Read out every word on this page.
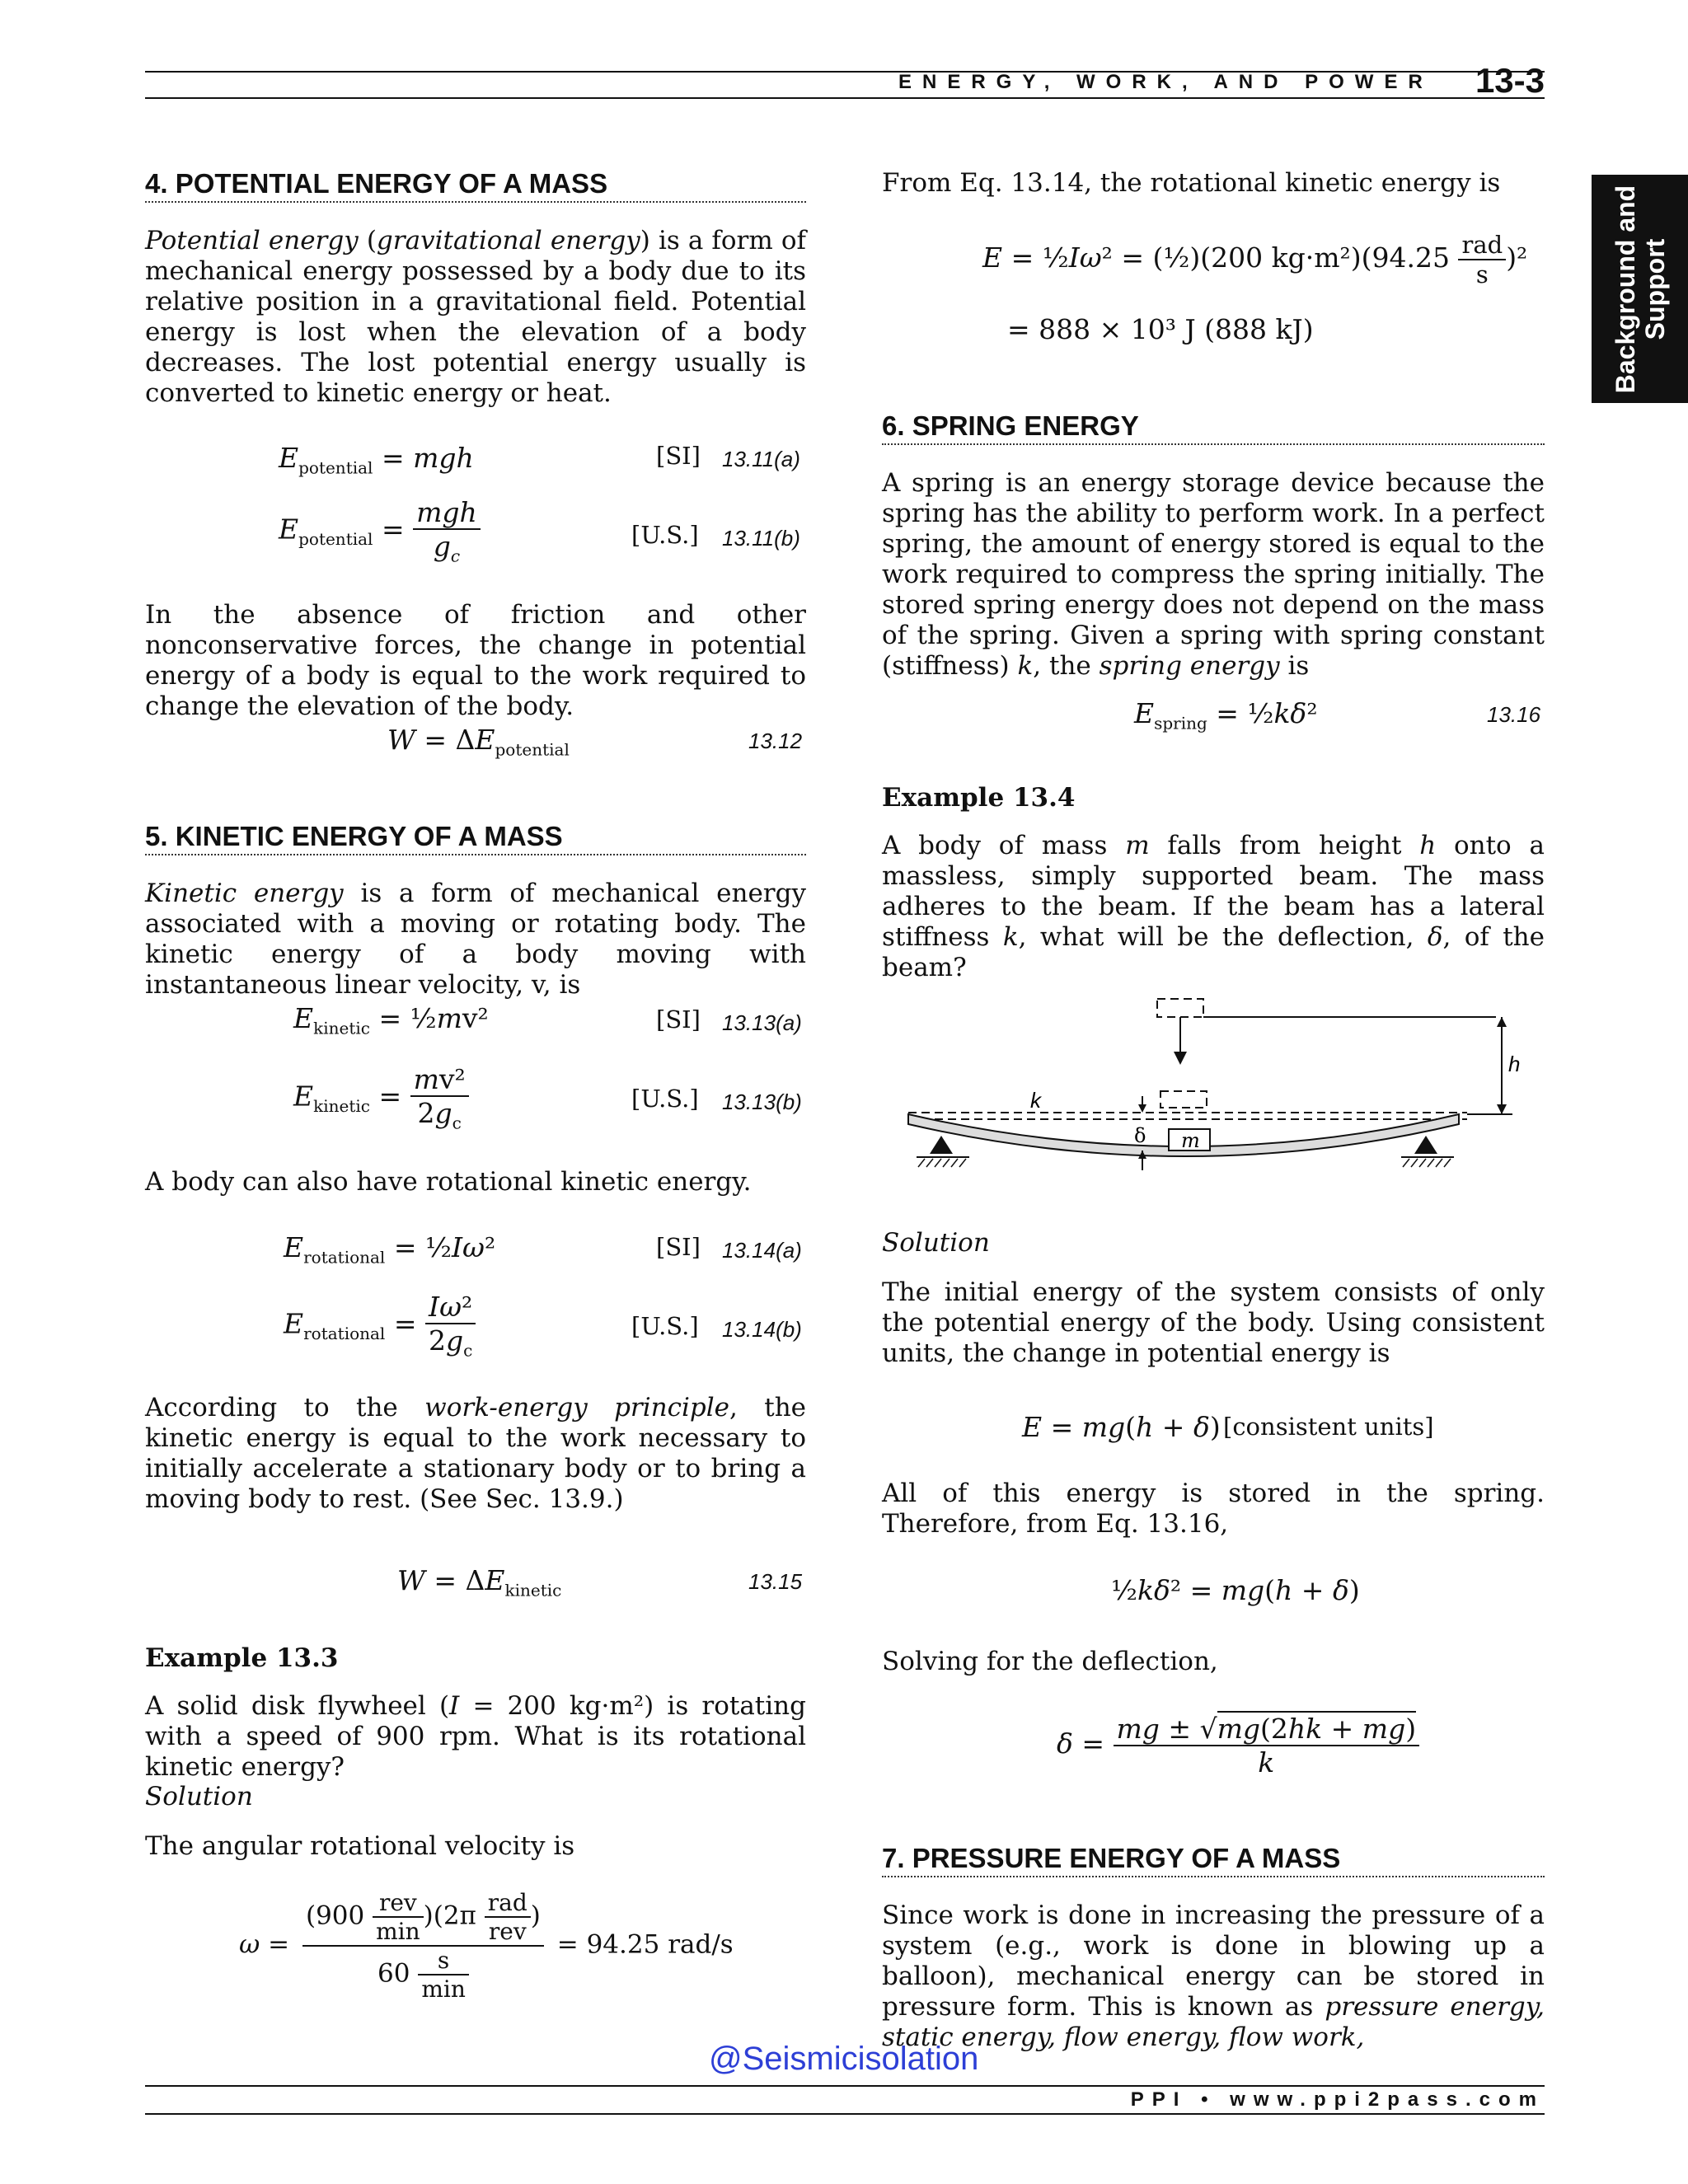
ENERGY, WORK, AND POWER 13-3
Background and Support
4. POTENTIAL ENERGY OF A MASS
Potential energy (gravitational energy) is a form of mechanical energy possessed by a body due to its relative position in a gravitational field. Potential energy is lost when the elevation of a body decreases. The lost potential energy usually is converted to kinetic energy or heat.
$E_{potential}$ = mgh	[SI] 13.11(a)
$E_{potential} = \frac{\text{mgh}}{g_c}$	[U.S.] 13.11(b)
In the absence of friction and other nonconservative forces, the change in potential energy of a body is equal to the work required to change the elevation of the body.
$W = \Delta E_{potential}$	13.12
5. KINETIC ENERGY OF A MASS
Kinetic energy is a form of mechanical energy associated with a moving or rotating body. The kinetic energy of a body moving with instantaneous linear velocity, v, is
$E_{kinetic}$ = ½mv²	[SI] 13.13(a)
$E_{kinetic} = \frac{\text{mv²}}{2g_c}$	[U.S.] 13.13(b)
A body can also have rotational kinetic energy.
$E_{rotational}$ = ½Iω²	[SI] 13.14(a)
$E_{rotational} = \frac{\text{Iω²}}{2g_c}$	[U.S.] 13.14(b)
According to the work-energy principle, the kinetic energy is equal to the work necessary to initially accelerate a stationary body or to bring a moving body to rest. (See Sec. 13.9.)
$W = \Delta E_{kinetic}$	13.15
Example 13.3
A solid disk flywheel (I = 200 kg·m²) is rotating with a speed of 900 rpm. What is its rotational kinetic energy?
Solution
The angular rotational velocity is
$\omega = \frac{(900 \frac{\text{rev}}{\min} )(2\pi \frac{\text{rad}}{\text{rev}} )}{60 \frac{s}{\min}} = 94.25$ rad/s
From Eq. 13.14, the rotational kinetic energy is
E = ½Iω² = (½)(200 $kg\cdot m^2)(94.25 \frac{\text{rad}}{s} )^2$
= 888 × 10³ J (888 kJ)
6. SPRING ENERGY
A spring is an energy storage device because the spring has the ability to perform work. In a perfect spring, the amount of energy stored is equal to the work required to compress the spring initially. The stored spring energy does not depend on the mass of the spring. Given a spring with spring constant (stiffness) k, the spring energy is
$E_{spring}$ = ½kδ²	13.16
Example 13.4
A body of mass m falls from height h onto a massless, simply supported beam. The mass adheres to the beam. If the beam has a lateral stiffness k, what will be the deflection, δ, of the beam?
h
k
m
δ
Solution
The initial energy of the system consists of only the potential energy of the body. Using consistent units, the change in potential energy is
E = mg(h + δ) [consistent units]
All of this energy is stored in the spring. Therefore, from Eq. 13.16,
½kδ² = mg(h + δ)
Solving for the deflection,
$\delta = \frac{mg \pm √mg(2hk + mg)}{k}$
7. PRESSURE ENERGY OF A MASS
Since work is done in increasing the pressure of a system (e.g., work is done in blowing up a balloon), mechanical energy can be stored in pressure form. This is known as pressure energy, static energy, flow energy, flow work,
@Seismicisolation
PPI • www.ppi2pass.com
